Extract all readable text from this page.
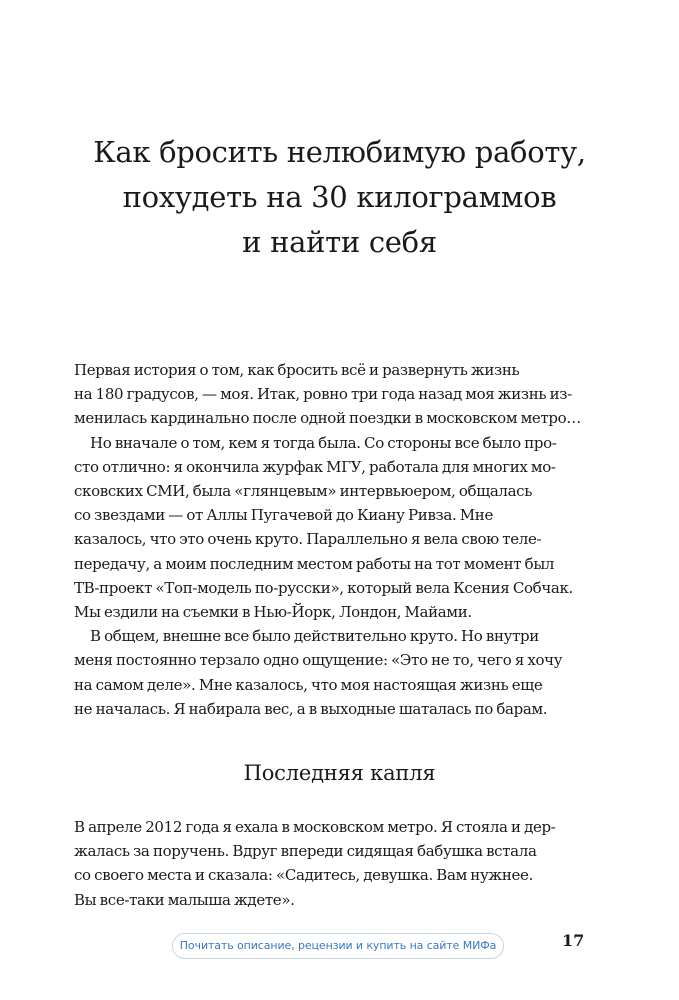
Как бросить нелюбимую работу,
похудеть на 30 килограммов
и найти себя
Первая история о том, как бросить всё и развернуть жизнь
на 180 градусов, — моя. Итак, ровно три года назад моя жизнь из-
менилась кардинально после одной поездки в московском метро…
Но вначале о том, кем я тогда была. Со стороны все было про-
сто отлично: я окончила журфак МГУ, работала для многих мо-
сковских СМИ, была «глянцевым» интервьюером, общалась
со звездами — от Аллы Пугачевой до Киану Ривза. Мне
казалось, что это очень круто. Параллельно я вела свою теле-
передачу, а моим последним местом работы на тот момент был
ТВ-проект «Топ-модель по-русски», который вела Ксения Собчак.
Мы ездили на съемки в Нью-Йорк, Лондон, Майами.
В общем, внешне все было действительно круто. Но внутри
меня постоянно терзало одно ощущение: «Это не то, чего я хочу
на самом деле». Мне казалось, что моя настоящая жизнь еще
не началась. Я набирала вес, а в выходные шаталась по барам.
Последняя капля
В апреле 2012 года я ехала в московском метро. Я стояла и дер-
жалась за поручень. Вдруг впереди сидящая бабушка встала
со своего места и сказала: «Садитесь, девушка. Вам нужнее.
Вы все-таки малыша ждете».
Почитать описание, рецензии и купить на сайте МИФа	17
